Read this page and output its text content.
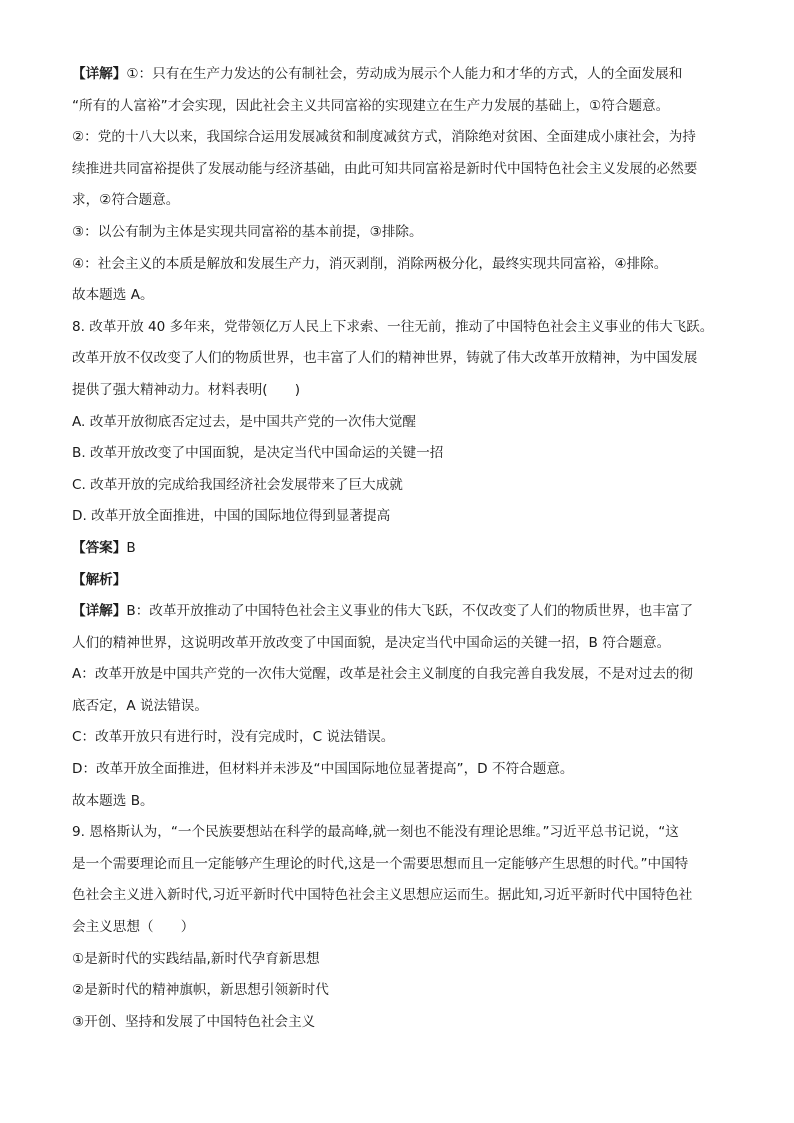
【详解】①：只有在生产力发达的公有制社会，劳动成为展示个人能力和才华的方式，人的全面发展和
“所有的人富裕”才会实现，因此社会主义共同富裕的实现建立在生产力发展的基础上，①符合题意。
②：党的十八大以来，我国综合运用发展减贫和制度减贫方式，消除绝对贫困、全面建成小康社会，为持
续推进共同富裕提供了发展动能与经济基础，由此可知共同富裕是新时代中国特色社会主义发展的必然要
求，②符合题意。
③：以公有制为主体是实现共同富裕的基本前提，③排除。
④：社会主义的本质是解放和发展生产力，消灭剥削，消除两极分化，最终实现共同富裕，④排除。
故本题选 A。
8. 改革开放 40 多年来，党带领亿万人民上下求索、一往无前，推动了中国特色社会主义事业的伟大飞跃。
改革开放不仅改变了人们的物质世界，也丰富了人们的精神世界，铸就了伟大改革开放精神，为中国发展
提供了强大精神动力。材料表明(　　)
A. 改革开放彻底否定过去，是中国共产党的一次伟大觉醒
B. 改革开放改变了中国面貌，是决定当代中国命运的关键一招
C. 改革开放的完成给我国经济社会发展带来了巨大成就
D. 改革开放全面推进，中国的国际地位得到显著提高
【答案】B
【解析】
【详解】B：改革开放推动了中国特色社会主义事业的伟大飞跃，不仅改变了人们的物质世界，也丰富了
人们的精神世界，这说明改革开放改变了中国面貌，是决定当代中国命运的关键一招，B 符合题意。
A：改革开放是中国共产党的一次伟大觉醒，改革是社会主义制度的自我完善自我发展，不是对过去的彻
底否定，A 说法错误。
C：改革开放只有进行时，没有完成时，C 说法错误。
D：改革开放全面推进，但材料并未涉及“中国国际地位显著提高”，D 不符合题意。
故本题选 B。
9. 恩格斯认为，“一个民族要想站在科学的最高峰,就一刻也不能没有理论思维。”习近平总书记说，“这
是一个需要理论而且一定能够产生理论的时代,这是一个需要思想而且一定能够产生思想的时代。”中国特
色社会主义进入新时代,习近平新时代中国特色社会主义思想应运而生。据此知,习近平新时代中国特色社
会主义思想（　　）
①是新时代的实践结晶,新时代孕育新思想
②是新时代的精神旗帜，新思想引领新时代
③开创、坚持和发展了中国特色社会主义
